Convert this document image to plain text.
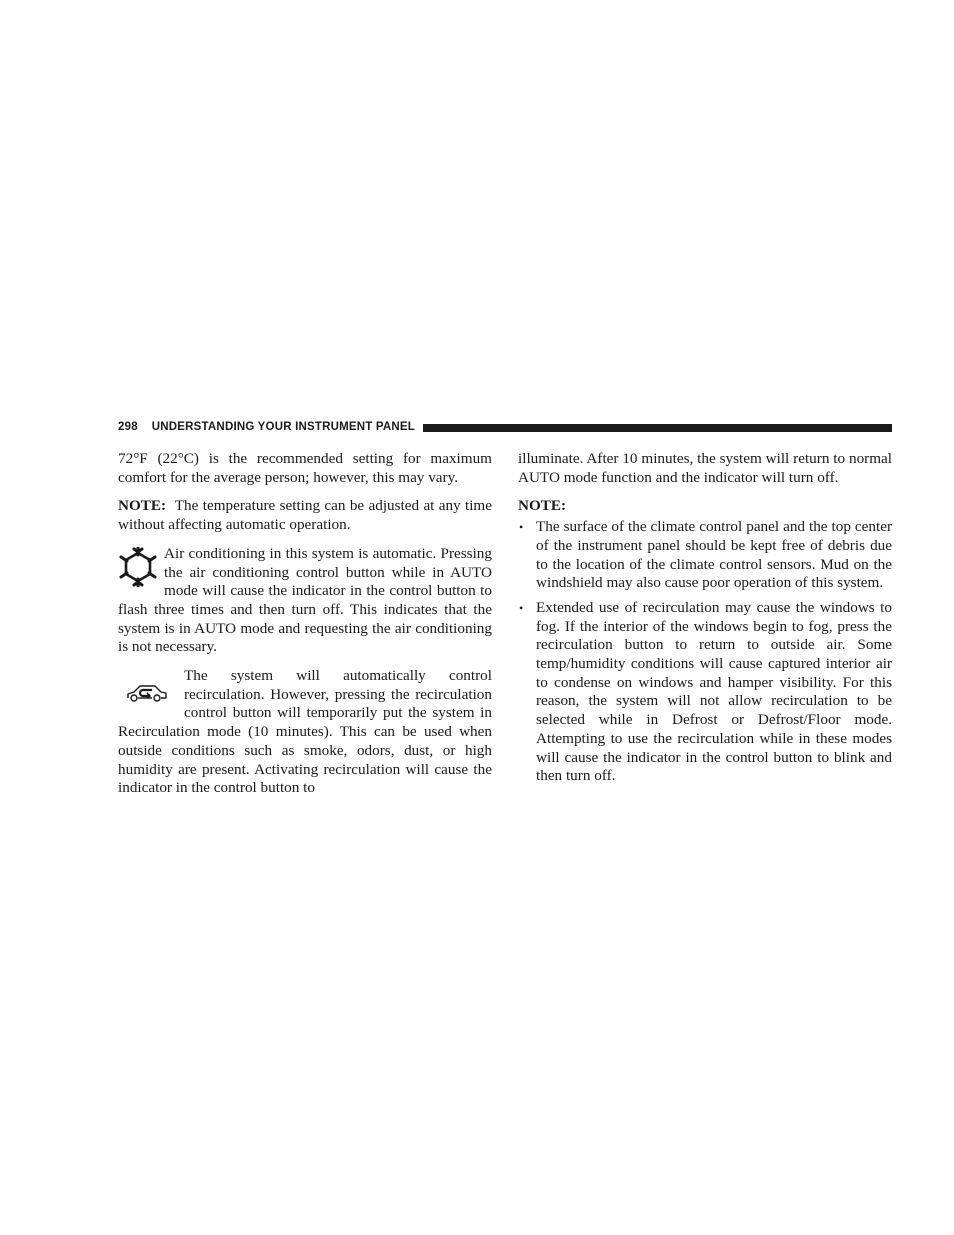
298 UNDERSTANDING YOUR INSTRUMENT PANEL

72°F (22°C) is the recommended setting for maximum comfort for the average person; however, this may vary.

NOTE: The temperature setting can be adjusted at any time without affecting automatic operation.

Air conditioning in this system is automatic. Pressing the air conditioning control button while in AUTO mode will cause the indicator in the control button to flash three times and then turn off. This indicates that the system is in AUTO mode and requesting the air conditioning is not necessary.

The system will automatically control recirculation. However, pressing the recirculation control button will temporarily put the system in Recirculation mode (10 minutes). This can be used when outside conditions such as smoke, odors, dust, or high humidity are present. Activating recirculation will cause the indicator in the control button to

illuminate. After 10 minutes, the system will return to normal AUTO mode function and the indicator will turn off.

NOTE:

• The surface of the climate control panel and the top center of the instrument panel should be kept free of debris due to the location of the climate control sensors. Mud on the windshield may also cause poor operation of this system.
• Extended use of recirculation may cause the windows to fog. If the interior of the windows begin to fog, press the recirculation button to return to outside air. Some temp/humidity conditions will cause captured interior air to condense on windows and hamper visibility. For this reason, the system will not allow recirculation to be selected while in Defrost or Defrost/Floor mode. Attempting to use the recirculation while in these modes will cause the indicator in the control button to blink and then turn off.
